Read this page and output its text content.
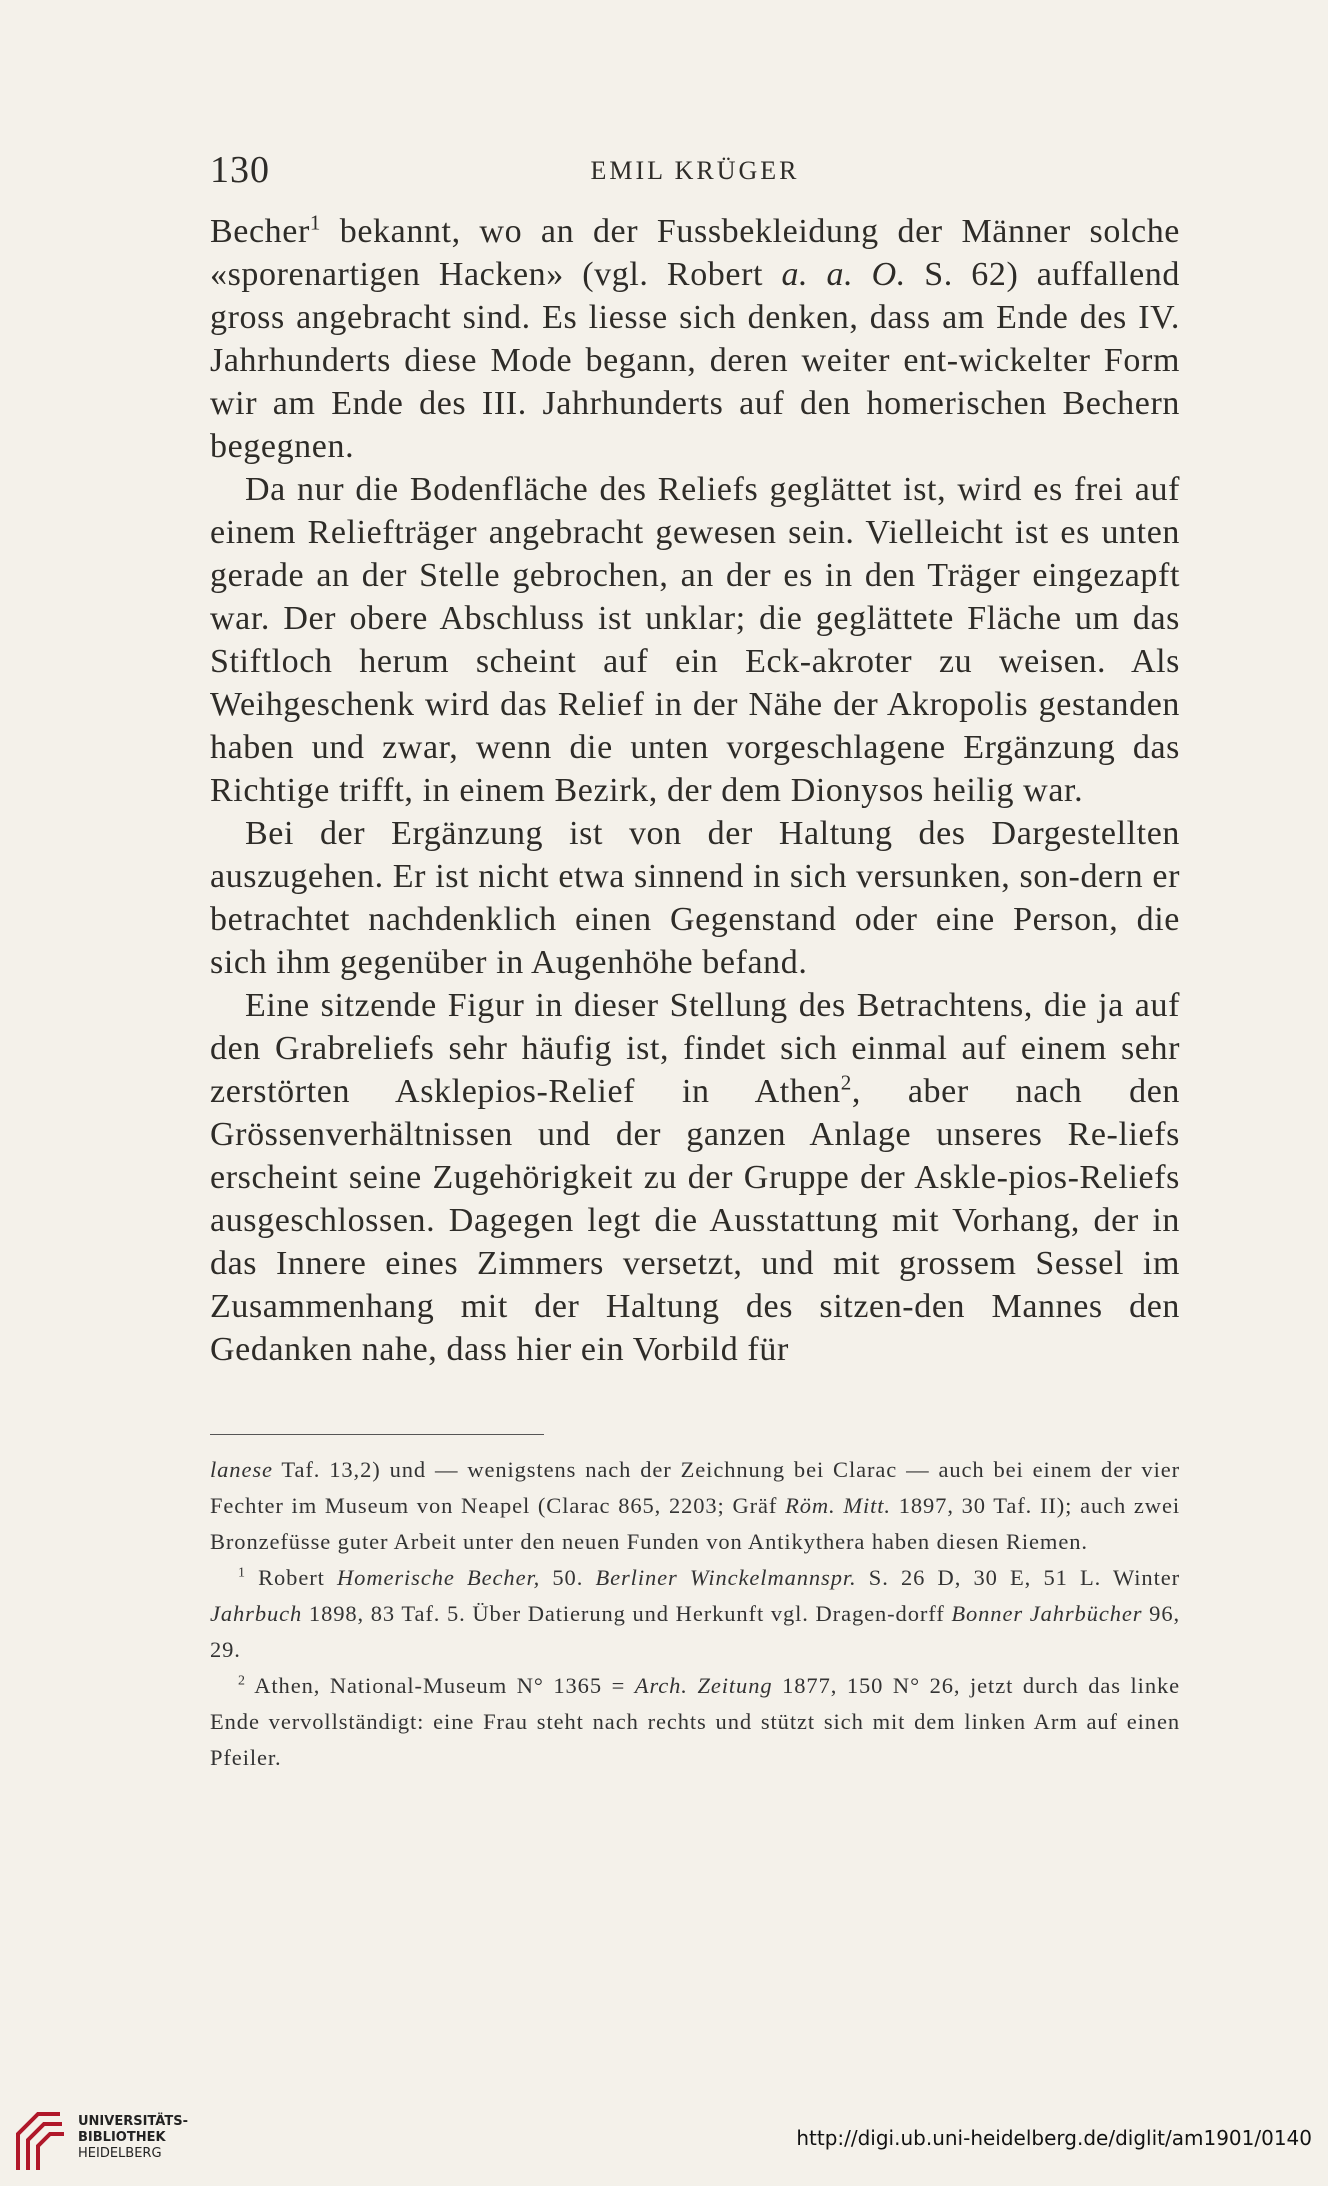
130	EMIL KRÜGER

Becher$^1$ bekannt, wo an der Fussbekleidung der Männer solche «sporenartigen Hacken» (vgl. Robert a. a. O. S. 62) auffallend gross angebracht sind. Es liesse sich denken, dass am Ende des IV. Jahrhunderts diese Mode begann, deren weiter ent-wickelter Form wir am Ende des III. Jahrhunderts auf den homerischen Bechern begegnen.

Da nur die Bodenfläche des Reliefs geglättet ist, wird es frei auf einem Reliefträger angebracht gewesen sein. Vielleicht ist es unten gerade an der Stelle gebrochen, an der es in den Träger eingezapft war. Der obere Abschluss ist unklar; die geglättete Fläche um das Stiftloch herum scheint auf ein Eck-akroter zu weisen. Als Weihgeschenk wird das Relief in der Nähe der Akropolis gestanden haben und zwar, wenn die unten vorgeschlagene Ergänzung das Richtige trifft, in einem Bezirk, der dem Dionysos heilig war.

Bei der Ergänzung ist von der Haltung des Dargestellten auszugehen. Er ist nicht etwa sinnend in sich versunken, son-dern er betrachtet nachdenklich einen Gegenstand oder eine Person, die sich ihm gegenüber in Augenhöhe befand.

Eine sitzende Figur in dieser Stellung des Betrachtens, die ja auf den Grabreliefs sehr häufig ist, findet sich einmal auf einem sehr zerstörten Asklepios-Relief in Athen$^2$, aber nach den Grössenverhältnissen und der ganzen Anlage unseres Re-liefs erscheint seine Zugehörigkeit zu der Gruppe der Askle-pios-Reliefs ausgeschlossen. Dagegen legt die Ausstattung mit Vorhang, der in das Innere eines Zimmers versetzt, und mit grossem Sessel im Zusammenhang mit der Haltung des sitzen-den Mannes den Gedanken nahe, dass hier ein Vorbild für

lanese Taf. 13,2) und — wenigstens nach der Zeichnung bei Clarac — auch bei einem der vier Fechter im Museum von Neapel (Clarac 865, 2203; Gräf Röm. Mitt. 1897, 30 Taf. II); auch zwei Bronzefüsse guter Arbeit unter den neuen Funden von Antikythera haben diesen Riemen.

$^1$ Robert Homerische Becher, 50. Berliner Winckelmannspr. S. 26 D, 30 E, 51 L. Winter Jahrbuch 1898, 83 Taf. 5. Über Datierung und Herkunft vgl. Dragen-dorff Bonner Jahrbücher 96, 29.

$^2$ Athen, National-Museum N° 1365 = Arch. Zeitung 1877, 150 N° 26, jetzt durch das linke Ende vervollständigt: eine Frau steht nach rechts und stützt sich mit dem linken Arm auf einen Pfeiler.

UNIVERSITÄTS-
BIBLIOTHEK
HEIDELBERG
http://digi.ub.uni-heidelberg.de/diglit/am1901/0140
